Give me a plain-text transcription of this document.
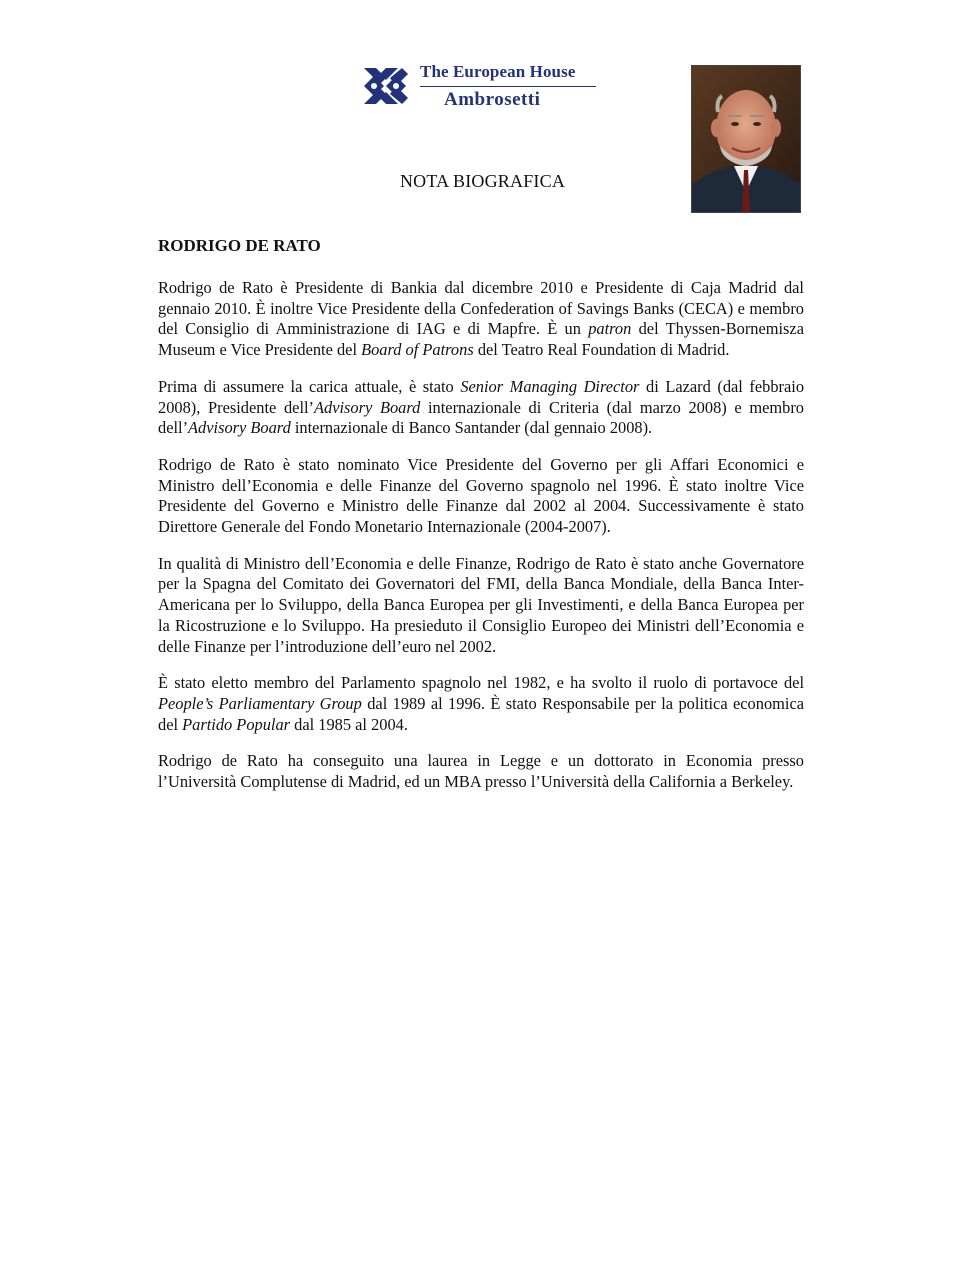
The European House
Ambrosetti
NOTA BIOGRAFICA
RODRIGO DE RATO

Rodrigo de Rato è Presidente di Bankia dal dicembre 2010 e Presidente di Caja Madrid dal gennaio 2010. È inoltre Vice Presidente della Confederation of Savings Banks (CECA) e membro del Consiglio di Amministrazione di IAG e di Mapfre. È un patron del Thyssen-Bornemisza Museum e Vice Presidente del Board of Patrons del Teatro Real Foundation di Madrid.

Prima di assumere la carica attuale, è stato Senior Managing Director di Lazard (dal febbraio 2008), Presidente dell’Advisory Board internazionale di Criteria (dal marzo 2008) e membro dell’Advisory Board internazionale di Banco Santander (dal gennaio 2008).

Rodrigo de Rato è stato nominato Vice Presidente del Governo per gli Affari Economici e Ministro dell’Economia e delle Finanze del Governo spagnolo nel 1996. È stato inoltre Vice Presidente del Governo e Ministro delle Finanze dal 2002 al 2004. Successivamente è stato Direttore Generale del Fondo Monetario Internazionale (2004-2007).

In qualità di Ministro dell’Economia e delle Finanze, Rodrigo de Rato è stato anche Governatore per la Spagna del Comitato dei Governatori del FMI, della Banca Mondiale, della Banca Inter-Americana per lo Sviluppo, della Banca Europea per gli Investimenti, e della Banca Europea per la Ricostruzione e lo Sviluppo. Ha presieduto il Consiglio Europeo dei Ministri dell’Economia e delle Finanze per l’introduzione dell’euro nel 2002.

È stato eletto membro del Parlamento spagnolo nel 1982, e ha svolto il ruolo di portavoce del People’s Parliamentary Group dal 1989 al 1996. È stato Responsabile per la politica economica del Partido Popular dal 1985 al 2004.

Rodrigo de Rato ha conseguito una laurea in Legge e un dottorato in Economia presso l’Università Complutense di Madrid, ed un MBA presso l’Università della California a Berkeley.
